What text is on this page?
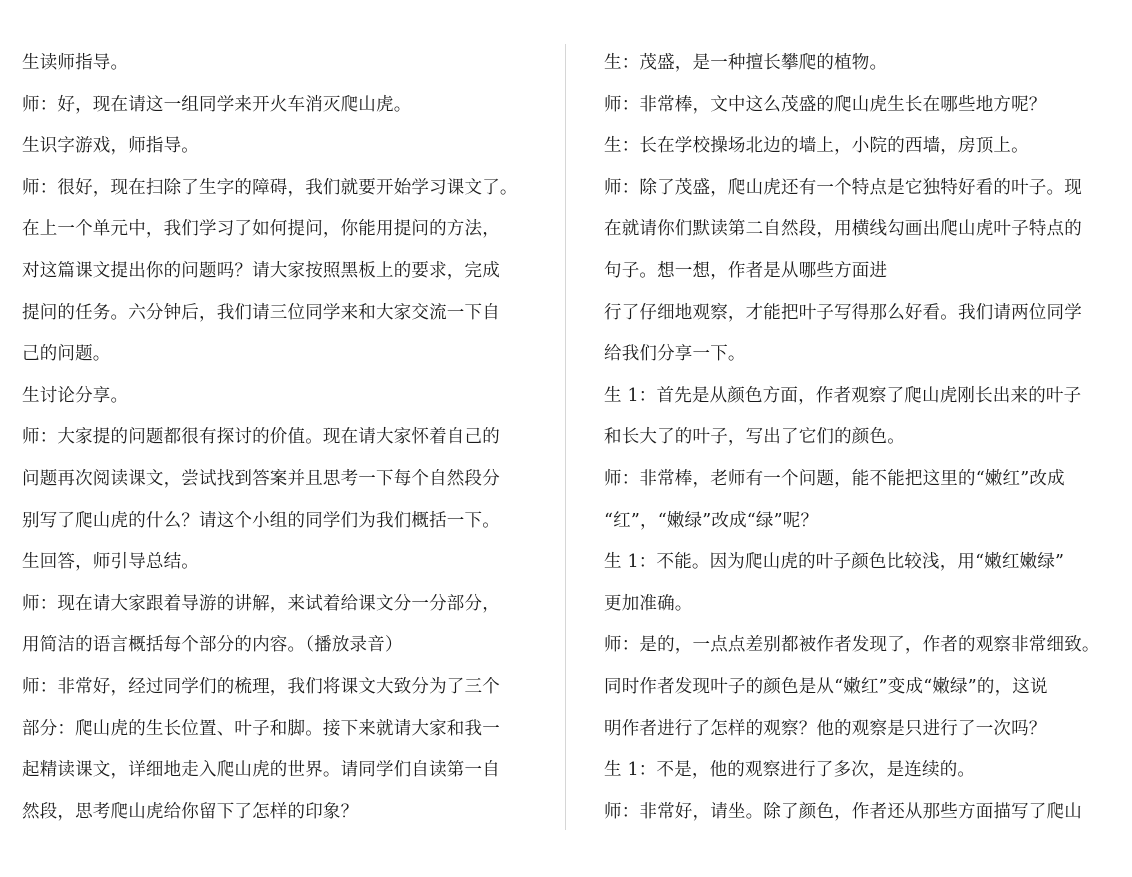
生读师指导。
师：好，现在请这一组同学来开火车消灭爬山虎。
生识字游戏，师指导。
师：很好，现在扫除了生字的障碍，我们就要开始学习课文了。
在上一个单元中，我们学习了如何提问，你能用提问的方法，
对这篇课文提出你的问题吗？请大家按照黑板上的要求，完成
提问的任务。六分钟后，我们请三位同学来和大家交流一下自
己的问题。
生讨论分享。
师：大家提的问题都很有探讨的价值。现在请大家怀着自己的
问题再次阅读课文，尝试找到答案并且思考一下每个自然段分
别写了爬山虎的什么？请这个小组的同学们为我们概括一下。
生回答，师引导总结。
师：现在请大家跟着导游的讲解，来试着给课文分一分部分，
用简洁的语言概括每个部分的内容。（播放录音）
师：非常好，经过同学们的梳理，我们将课文大致分为了三个
部分：爬山虎的生长位置、叶子和脚。接下来就请大家和我一
起精读课文，详细地走入爬山虎的世界。请同学们自读第一自
然段，思考爬山虎给你留下了怎样的印象？
生：茂盛，是一种擅长攀爬的植物。
师：非常棒，文中这么茂盛的爬山虎生长在哪些地方呢？
生：长在学校操场北边的墙上，小院的西墙，房顶上。
师：除了茂盛，爬山虎还有一个特点是它独特好看的叶子。现
在就请你们默读第二自然段，用横线勾画出爬山虎叶子特点的
句子。想一想，作者是从哪些方面进
行了仔细地观察，才能把叶子写得那么好看。我们请两位同学
给我们分享一下。
生 1：首先是从颜色方面，作者观察了爬山虎刚长出来的叶子
和长大了的叶子，写出了它们的颜色。
师：非常棒，老师有一个问题，能不能把这里的“嫩红”改成
“红”，“嫩绿”改成“绿”呢？
生 1：不能。因为爬山虎的叶子颜色比较浅，用“嫩红嫩绿”
更加准确。
师：是的，一点点差别都被作者发现了，作者的观察非常细致。
同时作者发现叶子的颜色是从“嫩红”变成“嫩绿”的，这说
明作者进行了怎样的观察？他的观察是只进行了一次吗？
生 1：不是，他的观察进行了多次，是连续的。
师：非常好，请坐。除了颜色，作者还从那些方面描写了爬山
